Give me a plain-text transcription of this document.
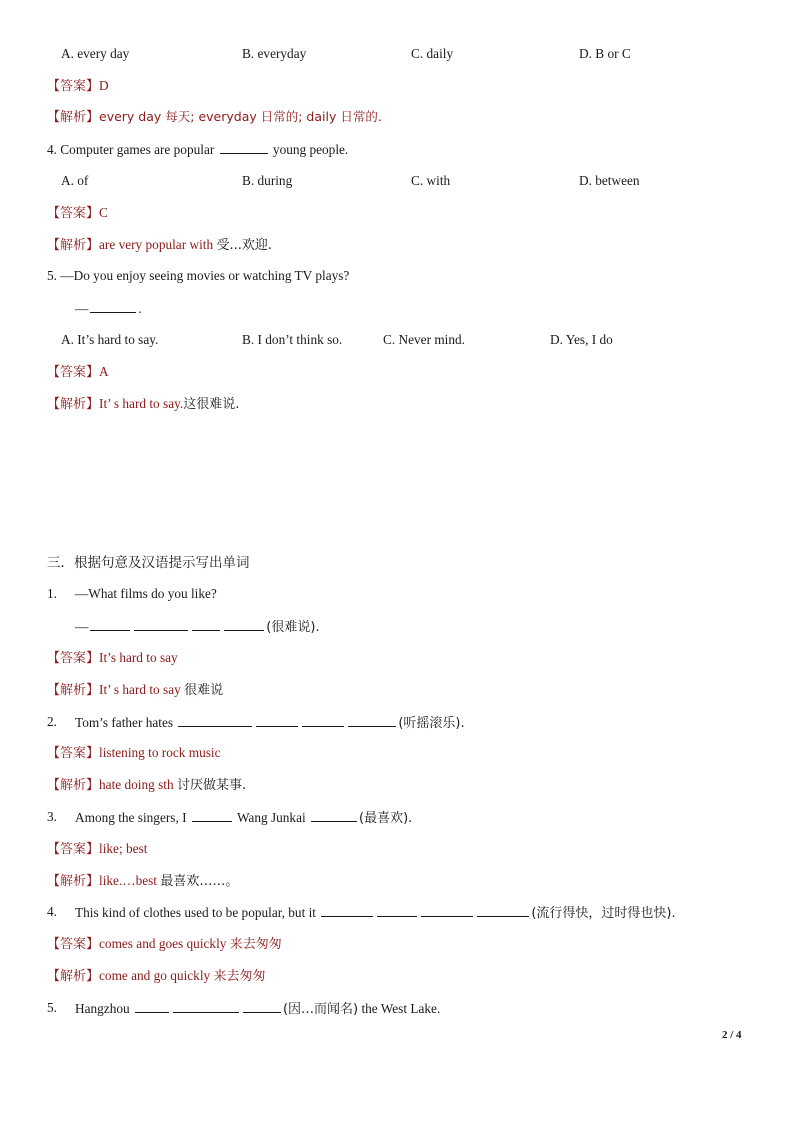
A. every day	B. everyday	C. daily	D. B or C
【答案】D
【解析】every day 每天; everyday 日常的; daily 日常的.
4. Computer games are popular	young people.
A. of	B. during	C. with	D. between
【答案】C
【解析】are very popular with 受...欢迎.
5. —Do you enjoy seeing movies or watching TV plays?
—	.
A. It’s hard to say.	B. I don’t think so.	C. Never mind.	D. Yes, I do
【答案】A
【解析】It’ s hard to say.这很难说.
三．根据句意及汉语提示写出单词
1. —What films do you like?
—	(很难说).
【答案】It’s hard to say
【解析】It’ s hard to say 很难说
2. Tom’s father hates	(听摇滚乐).
【答案】listening to rock music
【解析】hate doing sth 讨厌做某事.
3. Among the singers, I	Wang Junkai	(最喜欢).
【答案】like; best
【解析】like.…best 最喜欢……。
4. This kind of clothes used to be popular, but it	(流行得快，过时得也快).
【答案】comes and goes quickly 来去匆匆
【解析】come and go quickly 来去匆匆
5. Hangzhou	(因…而闻名) the West Lake.
2 / 4
